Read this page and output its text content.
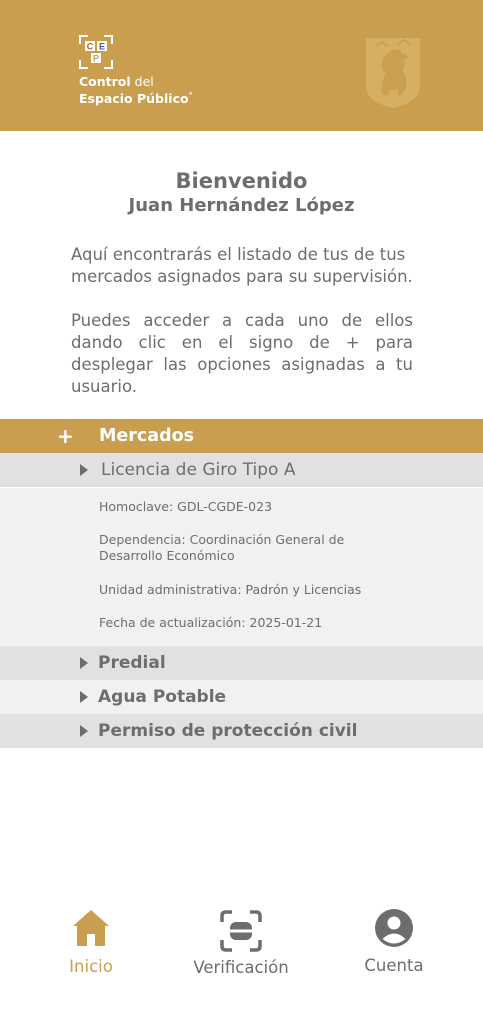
C E
P
Control del
Espacio Público°
Bienvenido
Juan Hernández López
Aquí encontrarás el listado de tus de tus mercados asignados para su supervisión.
Puedes acceder a cada uno de ellos dando clic en el signo de + para desplegar las opciones asignadas a tu usuario.
+ Mercados
Licencia de Giro Tipo A
Homoclave: GDL-CGDE-023
Dependencia: Coordinación General de Desarrollo Económico
Unidad administrativa: Padrón y Licencias
Fecha de actualización: 2025-01-21
Predial
Agua Potable
Permiso de protección civil
Inicio	Verificación	Cuenta
